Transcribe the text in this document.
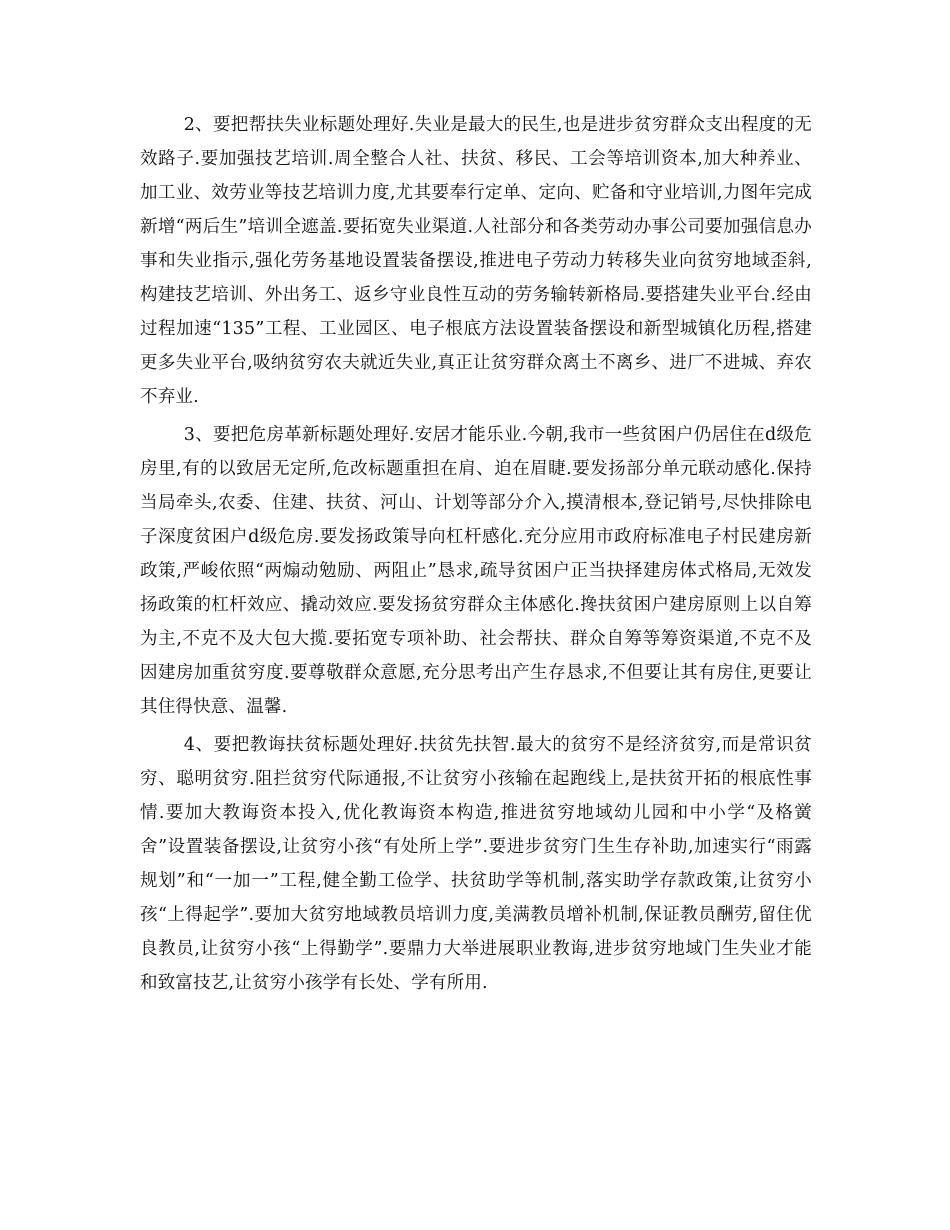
2、要把帮扶失业标题处理好.失业是最大的民生,也是进步贫穷群众支出程度的无效路子.要加强技艺培训.周全整合人社、扶贫、移民、工会等培训资本,加大种养业、加工业、效劳业等技艺培训力度,尤其要奉行定单、定向、贮备和守业培训,力图年完成新增“两后生”培训全遮盖.要拓宽失业渠道.人社部分和各类劳动办事公司要加强信息办事和失业指示,强化劳务基地设置装备摆设,推进电子劳动力转移失业向贫穷地域歪斜,构建技艺培训、外出务工、返乡守业良性互动的劳务输转新格局.要搭建失业平台.经由过程加速“135”工程、工业园区、电子根底方法设置装备摆设和新型城镇化历程,搭建更多失业平台,吸纳贫穷农夫就近失业,真正让贫穷群众离土不离乡、进厂不进城、弃农不弃业.

3、要把危房革新标题处理好.安居才能乐业.今朝,我市一些贫困户仍居住在d级危房里,有的以致居无定所,危改标题重担在肩、迫在眉睫.要发扬部分单元联动感化.保持当局牵头,农委、住建、扶贫、河山、计划等部分介入,摸清根本,登记销号,尽快排除电子深度贫困户d级危房.要发扬政策导向杠杆感化.充分应用市政府标准电子村民建房新政策,严峻依照“两煽动勉励、两阻止”恳求,疏导贫困户正当抉择建房体式格局,无效发扬政策的杠杆效应、撬动效应.要发扬贫穷群众主体感化.搀扶贫困户建房原则上以自筹为主,不克不及大包大揽.要拓宽专项补助、社会帮扶、群众自筹等筹资渠道,不克不及因建房加重贫穷度.要尊敬群众意愿,充分思考出产生存恳求,不但要让其有房住,更要让其住得快意、温馨.

4、要把教诲扶贫标题处理好.扶贫先扶智.最大的贫穷不是经济贫穷,而是常识贫穷、聪明贫穷.阻拦贫穷代际通报,不让贫穷小孩输在起跑线上,是扶贫开拓的根底性事情.要加大教诲资本投入,优化教诲资本构造,推进贫穷地域幼儿园和中小学“及格黉舍”设置装备摆设,让贫穷小孩“有处所上学”.要进步贫穷门生生存补助,加速实行“雨露规划”和“一加一”工程,健全勤工俭学、扶贫助学等机制,落实助学存款政策,让贫穷小孩“上得起学”.要加大贫穷地域教员培训力度,美满教员增补机制,保证教员酬劳,留住优良教员,让贫穷小孩“上得勤学”.要鼎力大举进展职业教诲,进步贫穷地域门生失业才能和致富技艺,让贫穷小孩学有长处、学有所用.
